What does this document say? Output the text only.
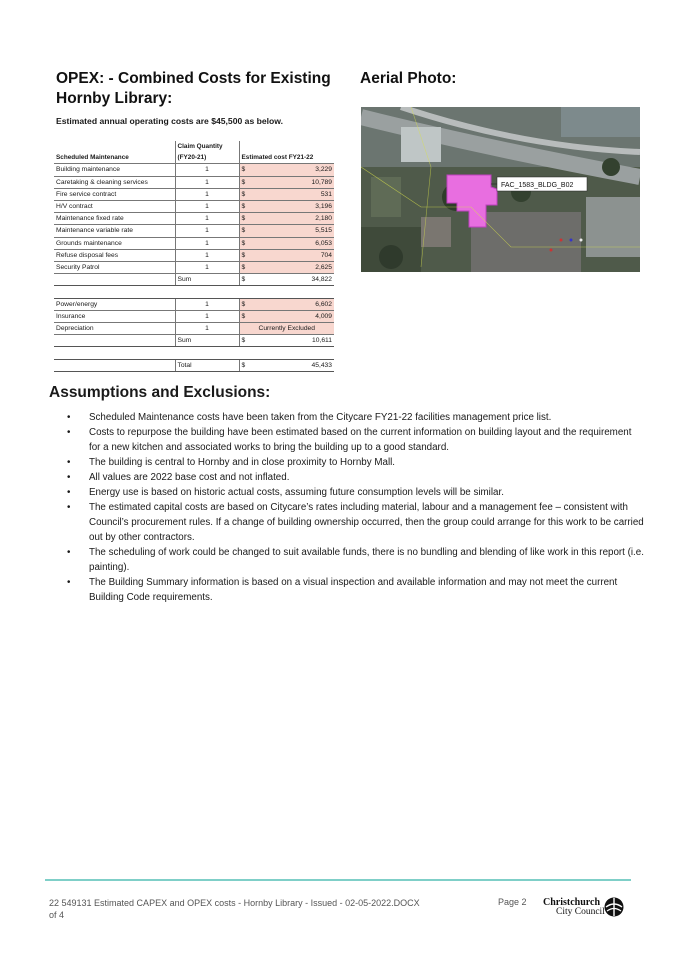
OPEX: - Combined Costs for Existing Hornby Library:
Aerial Photo:
Estimated annual operating costs are $45,500 as below.
	Claim Quantity	
Scheduled Maintenance	(FY20-21)	Estimated cost FY21-22
Building maintenance	1	$ 3,229

Caretaking & cleaning services	1	$ 10,789

Fire service contract	1	$ 531

H/V contract	1	$ 3,196

Maintenance fixed rate	1	$ 2,180

Maintenance variable rate	1	$ 5,515

Grounds maintenance	1	$ 6,053

Refuse disposal fees	1	$ 704

Security Patrol	1	$ 2,625

	Sum	$ 34,822

Power/energy	1	$ 6,602

Insurance	1	$ 4,009

Depreciation	1	Currently Excluded
	Sum	$ 10,611

	Total	$ 45,433
FAC_1583_BLDG_B02
Assumptions and Exclusions:
• Scheduled Maintenance costs have been taken from the Citycare FY21-22 facilities management price list.
• Costs to repurpose the building have been estimated based on the current information on building layout and the requirement for a new kitchen and associated works to bring the building up to a good standard.
• The building is central to Hornby and in close proximity to Hornby Mall.
• All values are 2022 base cost and not inflated.
• Energy use is based on historic actual costs, assuming future consumption levels will be similar.
• The estimated capital costs are based on Citycare’s rates including material, labour and a management fee – consistent with Council’s procurement rules. If a change of building ownership occurred, then the group could arrange for this work to be carried out by other contractors.
• The scheduling of work could be changed to suit available funds, there is no bundling and blending of like work in this report (i.e. painting).
• The Building Summary information is based on a visual inspection and available information and may not meet the current Building Code requirements.
22 549131 Estimated CAPEX and OPEX costs - Hornby Library - Issued - 02-05-2022.DOCX
of 4
Page 2 Christchurch
City Council
